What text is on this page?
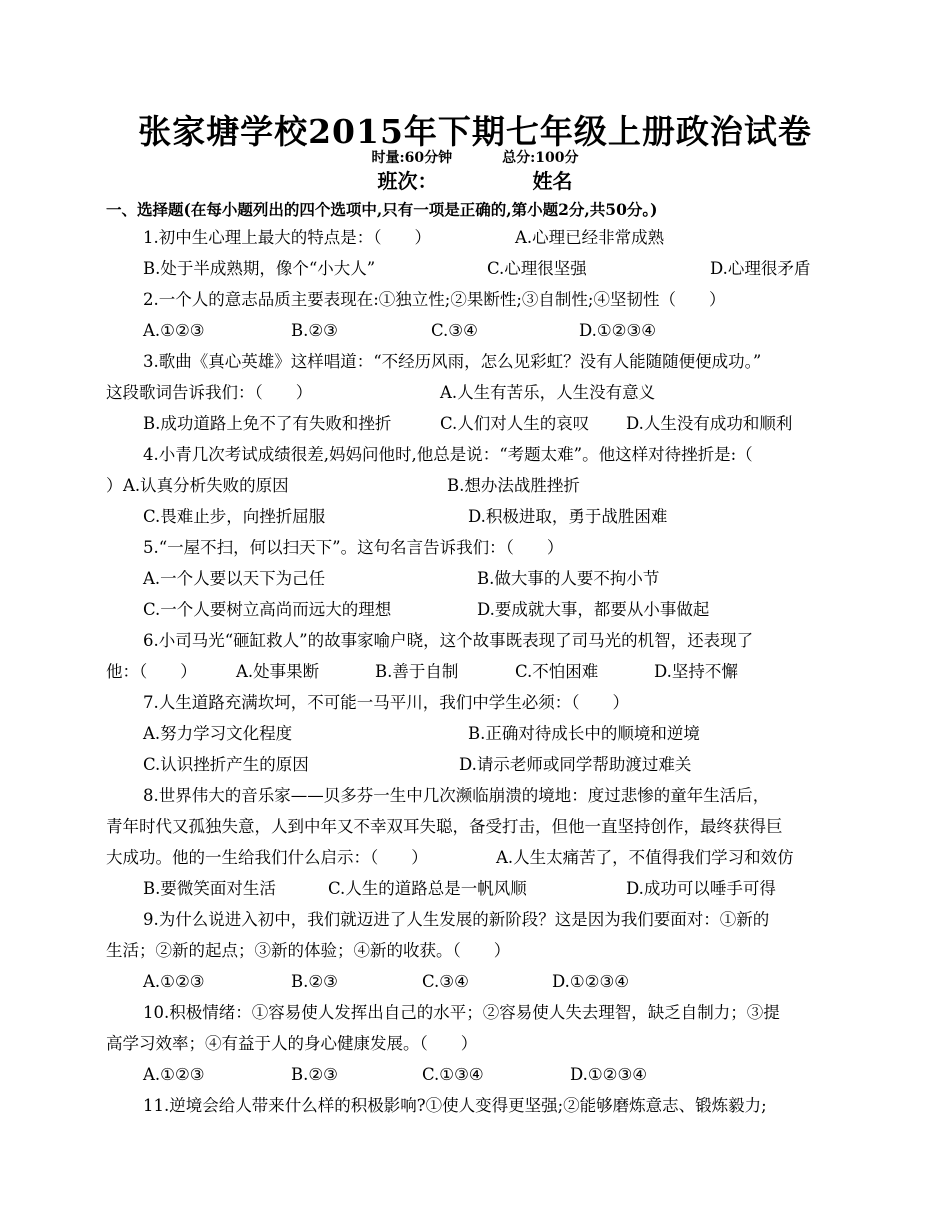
张家塘学校2015年下期七年级上册政治试卷
时量:60分钟	总分:100分
班次：	姓名
一、选择题(在每小题列出的四个选项中,只有一项是正确的,第小题2分,共50分。)
1.初中生心理上最大的特点是：（　　）	A.心理已经非常成熟
B.处于半成熟期，像个“小大人”	C.心理很坚强	D.心理很矛盾
2.一个人的意志品质主要表现在:①独立性;②果断性;③自制性;④坚韧性（　　）
A.①②③	B.②③	C.③④	D.①②③④
3.歌曲《真心英雄》这样唱道：“不经历风雨，怎么见彩虹？没有人能随随便便成功。”
这段歌词告诉我们：（　　）	A.人生有苦乐，人生没有意义
B.成功道路上免不了有失败和挫折	C.人们对人生的哀叹 D.人生没有成功和顺利
4.小青几次考试成绩很差,妈妈问他时,他总是说：“考题太难”。他这样对待挫折是:（
） A.认真分析失败的原因	B.想办法战胜挫折
C.畏难止步，向挫折屈服	D.积极进取，勇于战胜困难
5.“一屋不扫，何以扫天下”。这句名言告诉我们：（　　）
A.一个人要以天下为己任	B.做大事的人要不拘小节
C.一个人要树立高尚而远大的理想	D.要成就大事，都要从小事做起
6.小司马光“砸缸救人”的故事家喻户晓，这个故事既表现了司马光的机智，还表现了
他：（　　） A.处事果断	B.善于自制	C.不怕困难	D.坚持不懈
7.人生道路充满坎坷，不可能一马平川，我们中学生必须：（　　）
A.努力学习文化程度	B.正确对待成长中的顺境和逆境
C.认识挫折产生的原因	D.请示老师或同学帮助渡过难关
8.世界伟大的音乐家——贝多芬一生中几次濒临崩溃的境地：度过悲惨的童年生活后，
青年时代又孤独失意，人到中年又不幸双耳失聪，备受打击，但他一直坚持创作，最终获得巨
大成功。他的一生给我们什么启示：（　　）	A.人生太痛苦了，不值得我们学习和效仿
B.要微笑面对生活	C.人生的道路总是一帆风顺	D.成功可以唾手可得
9.为什么说进入初中，我们就迈进了人生发展的新阶段？这是因为我们要面对：①新的
生活；②新的起点；③新的体验；④新的收获。（　　）
A.①②③	B.②③	C.③④	D.①②③④
10.积极情绪：①容易使人发挥出自己的水平；②容易使人失去理智，缺乏自制力；③提
高学习效率；④有益于人的身心健康发展。（　　）
A.①②③	B.②③	C.①③④	D.①②③④
11.逆境会给人带来什么样的积极影响?①使人变得更坚强;②能够磨炼意志、锻炼毅力;
